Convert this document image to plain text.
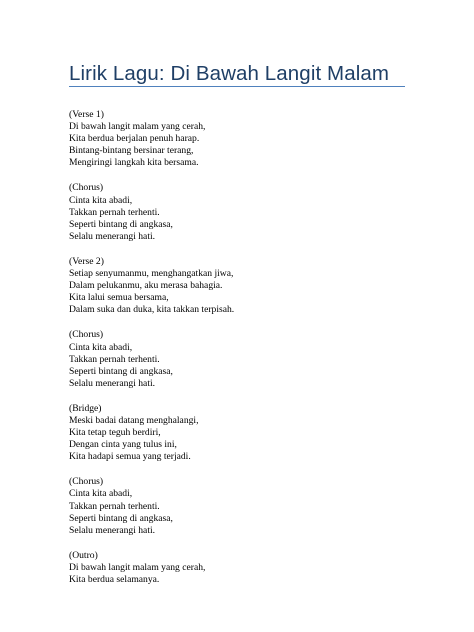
Lirik Lagu: Di Bawah Langit Malam
(Verse 1)
Di bawah langit malam yang cerah,
Kita berdua berjalan penuh harap.
Bintang-bintang bersinar terang,
Mengiringi langkah kita bersama.
(Chorus)
Cinta kita abadi,
Takkan pernah terhenti.
Seperti bintang di angkasa,
Selalu menerangi hati.
(Verse 2)
Setiap senyumanmu, menghangatkan jiwa,
Dalam pelukanmu, aku merasa bahagia.
Kita lalui semua bersama,
Dalam suka dan duka, kita takkan terpisah.
(Chorus)
Cinta kita abadi,
Takkan pernah terhenti.
Seperti bintang di angkasa,
Selalu menerangi hati.
(Bridge)
Meski badai datang menghalangi,
Kita tetap teguh berdiri,
Dengan cinta yang tulus ini,
Kita hadapi semua yang terjadi.
(Chorus)
Cinta kita abadi,
Takkan pernah terhenti.
Seperti bintang di angkasa,
Selalu menerangi hati.
(Outro)
Di bawah langit malam yang cerah,
Kita berdua selamanya.
